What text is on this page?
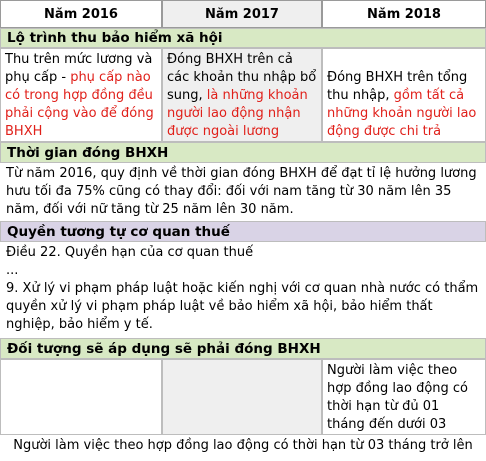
Năm 2016	Năm 2017	Năm 2018
Lộ trình thu bảo hiểm xã hội
Thu trên mức lương và phụ cấp - phụ cấp nào có trong hợp đồng đều phải cộng vào để đóng BHXH
Đóng BHXH trên cả các khoản thu nhập bổ sung, là những khoản người lao động nhận được ngoài lương
Đóng BHXH trên tổng thu nhập, gồm tất cả những khoản người lao động được chi trả
Thời gian đóng BHXH
Từ năm 2016, quy định về thời gian đóng BHXH để đạt tỉ lệ hưởng lương hưu tối đa 75% cũng có thay đổi: đối với nam tăng từ 30 năm lên 35 năm, đối với nữ tăng từ 25 năm lên 30 năm.
Quyền tương tự cơ quan thuế
Điều 22. Quyền hạn của cơ quan thuế
...
9. Xử lý vi phạm pháp luật hoặc kiến nghị với cơ quan nhà nước có thẩm quyền xử lý vi phạm pháp luật về bảo hiểm xã hội, bảo hiểm thất nghiệp, bảo hiểm y tế.
Đối tượng sẽ áp dụng sẽ phải đóng BHXH
Người làm việc theo hợp đồng lao động có thời hạn từ đủ 01 tháng đến dưới 03
Người làm việc theo hợp đồng lao động có thời hạn từ 03 tháng trở lên
